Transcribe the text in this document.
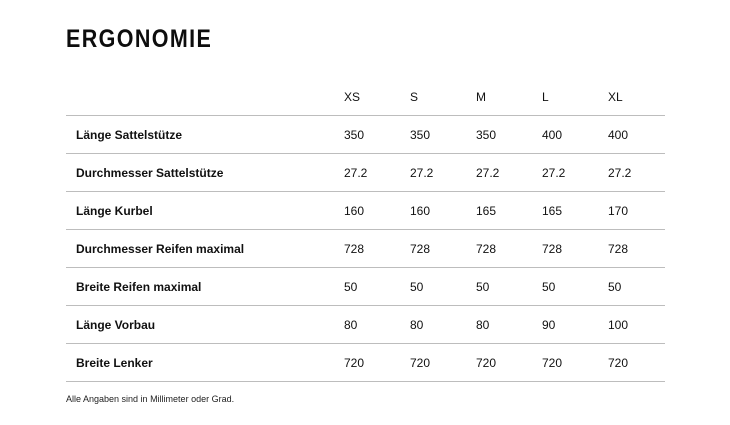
ERGONOMIE
	XS	S	M	L	XL
Länge Sattelstütze	350	350	350	400	400
Durchmesser Sattelstütze	27.2	27.2	27.2	27.2	27.2
Länge Kurbel	160	160	165	165	170
Durchmesser Reifen maximal	728	728	728	728	728
Breite Reifen maximal	50	50	50	50	50
Länge Vorbau	80	80	80	90	100
Breite Lenker	720	720	720	720	720
Alle Angaben sind in Millimeter oder Grad.
